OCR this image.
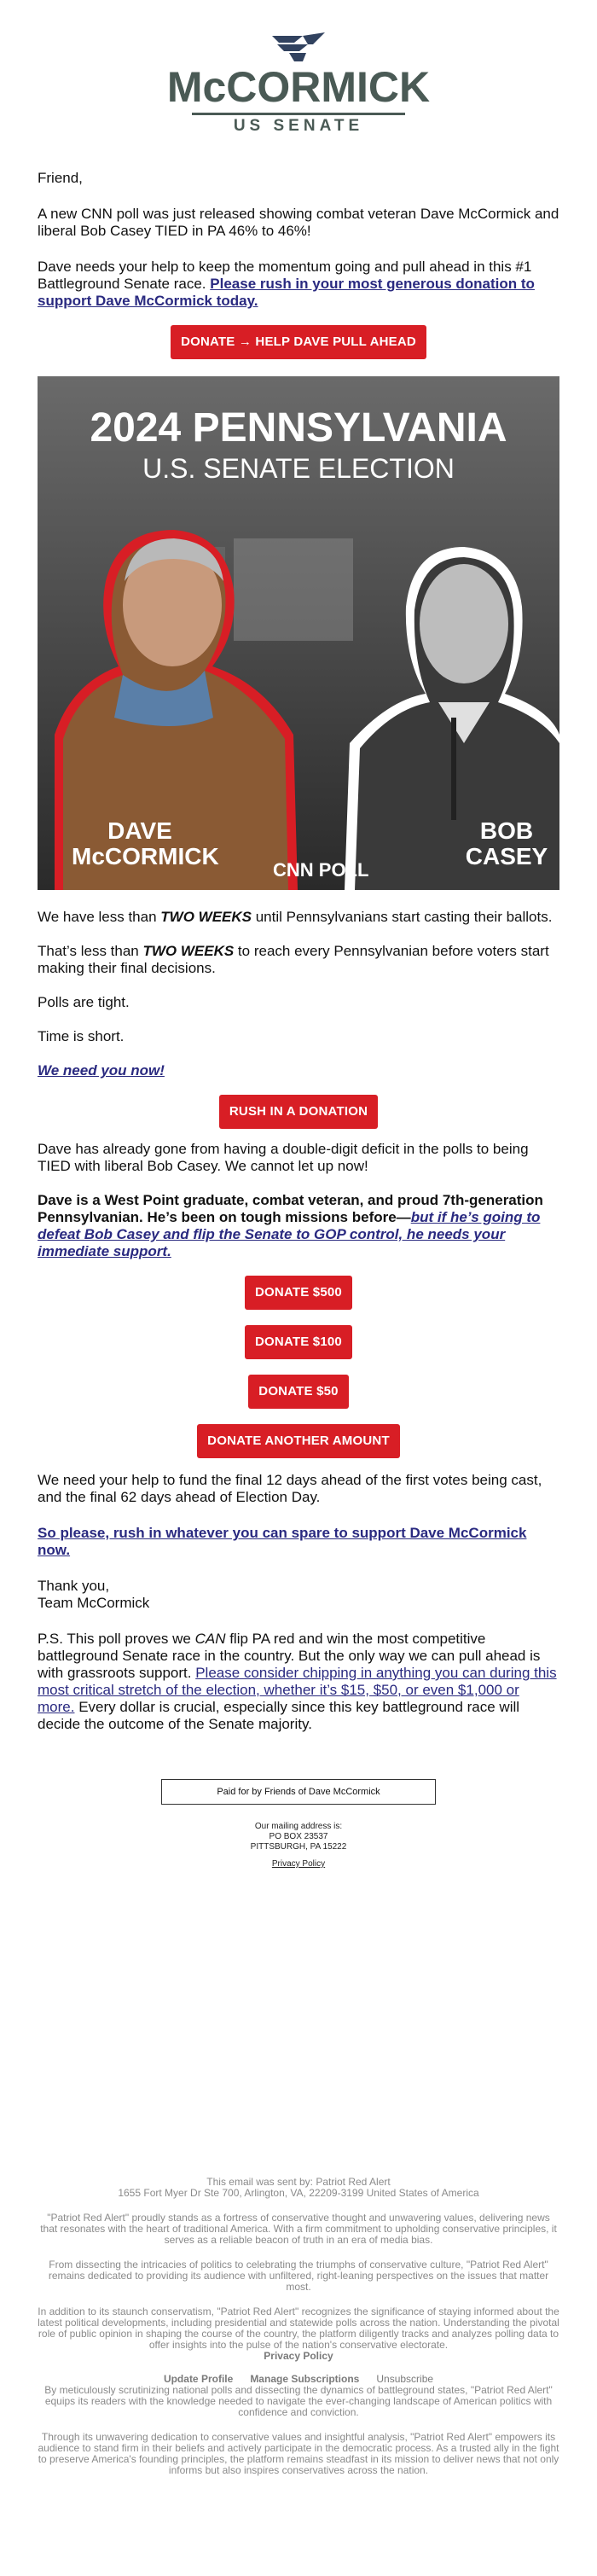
McCORMICK
US SENATE

Friend,

A new CNN poll was just released showing combat veteran Dave McCormick and liberal Bob Casey TIED in PA 46% to 46%!

Dave needs your help to keep the momentum going and pull ahead in this #1 Battleground Senate race. Please rush in your most generous donation to support Dave McCormick today.

DONATE → HELP DAVE PULL AHEAD
2024 PENNSYLVANIA
U.S. SENATE ELECTION
DAVE
McCORMICK
BOB
CASEY
CNN POLL

We have less than TWO WEEKS until Pennsylvanians start casting their ballots.

That’s less than TWO WEEKS to reach every Pennsylvanian before voters start making their final decisions.

Polls are tight.

Time is short.

We need you now!

RUSH IN A DONATION

Dave has already gone from having a double-digit deficit in the polls to being TIED with liberal Bob Casey. We cannot let up now!

Dave is a West Point graduate, combat veteran, and proud 7th-generation Pennsylvanian. He’s been on tough missions before—but if he’s going to defeat Bob Casey and flip the Senate to GOP control, he needs your immediate support.

DONATE $500
DONATE $100
DONATE $50
DONATE ANOTHER AMOUNT

We need your help to fund the final 12 days ahead of the first votes being cast, and the final 62 days ahead of Election Day.

So please, rush in whatever you can spare to support Dave McCormick now.

Thank you,

Team McCormick

P.S. This poll proves we CAN flip PA red and win the most competitive battleground Senate race in the country. But the only way we can pull ahead is with grassroots support. Please consider chipping in anything you can during this most critical stretch of the election, whether it’s $15, $50, or even $1,000 or more. Every dollar is crucial, especially since this key battleground race will decide the outcome of the Senate majority.

Paid for by Friends of Dave McCormick
Our mailing address is:
PO BOX 23537
PITTSBURGH, PA 15222
Privacy Policy
This email was sent by: Patriot Red Alert
1655 Fort Myer Dr Ste 700, Arlington, VA, 22209-3199 United States of America
"Patriot Red Alert" proudly stands as a fortress of conservative thought and unwavering values, delivering news that resonates with the heart of traditional America. With a firm commitment to upholding conservative principles, it serves as a reliable beacon of truth in an era of media bias.
From dissecting the intricacies of politics to celebrating the triumphs of conservative culture, "Patriot Red Alert" remains dedicated to providing its audience with unfiltered, right-leaning perspectives on the issues that matter most.
In addition to its staunch conservatism, "Patriot Red Alert" recognizes the significance of staying informed about the latest political developments, including presidential and statewide polls across the nation. Understanding the pivotal role of public opinion in shaping the course of the country, the platform diligently tracks and analyzes polling data to offer insights into the pulse of the nation's conservative electorate.
Privacy Policy
Update Profile Manage Subscriptions Unsubscribe
By meticulously scrutinizing national polls and dissecting the dynamics of battleground states, "Patriot Red Alert" equips its readers with the knowledge needed to navigate the ever-changing landscape of American politics with confidence and conviction.
Through its unwavering dedication to conservative values and insightful analysis, "Patriot Red Alert" empowers its audience to stand firm in their beliefs and actively participate in the democratic process. As a trusted ally in the fight to preserve America's founding principles, the platform remains steadfast in its mission to deliver news that not only informs but also inspires conservatives across the nation.
